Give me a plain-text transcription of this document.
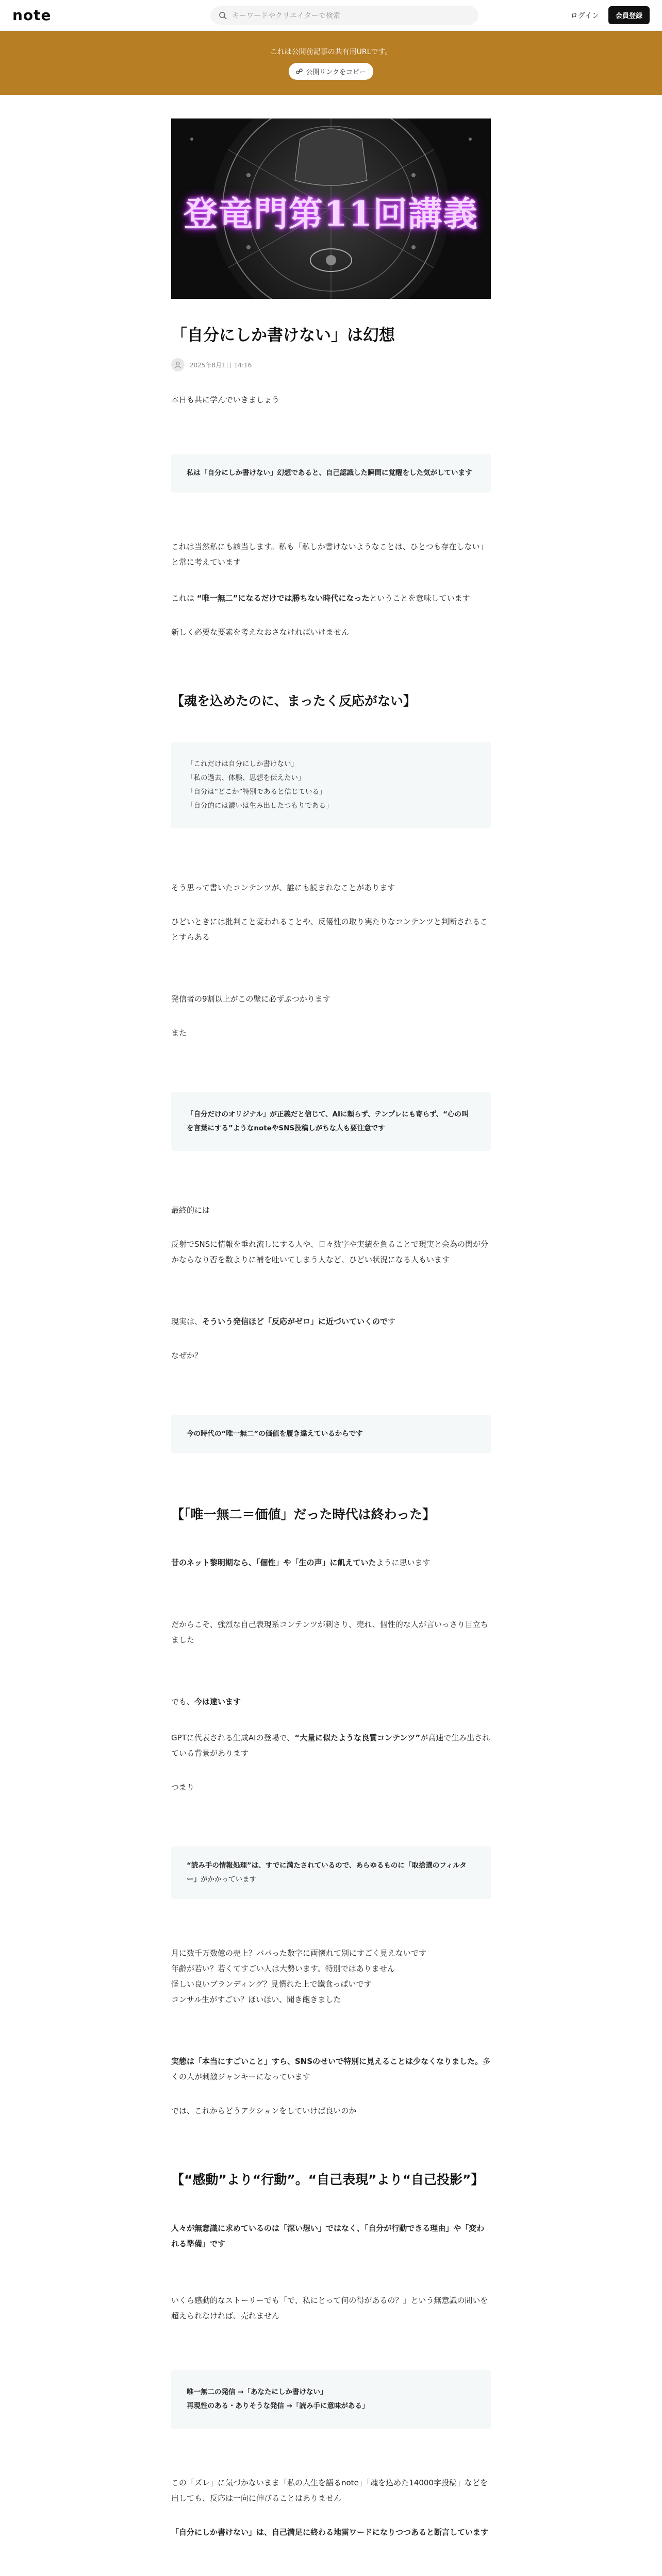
note	キーワードやクリエイターで検索	ログイン	会員登録
これは公開前記事の共有用URLです。
公開リンクをコピー
登竜門第11回講義
「自分にしか書けない」は幻想
2025年8月1日 14:16

本日も共に学んでいきましょう

私は「自分にしか書けない」幻想であると、自己認識した瞬間に覚醒をした気がしています

これは当然私にも該当します。私も「私しか書けないようなことは、ひとつも存在しない」と常に考えています

これは “唯一無二”になるだけでは勝ちない時代になったということを意味しています

新しく必要な要素を考えなおさなければいけません

【魂を込めたのに、まったく反応がない】
「これだけは自分にしか書けない」
「私の過去、体験、思想を伝えたい」
「自分は“どこか”特別であると信じている」
「自分的には濃いは生み出したつもりである」

そう思って書いたコンテンツが、誰にも読まれなことがあります

ひどいときには批判こと変われることや、反優性の取り実たりなコンテンツと判断されることすらある

発信者の9割以上がこの壁に必ずぶつかります

また

「自分だけのオリジナル」が正義だと信じて、AIに頼らず、テンプレにも寄らず、“心の叫を言葉にする”ようなnoteやSNS投稿しがちな人も要注意です

最終的には

反射でSNSに情報を垂れ流しにする人や、日々数字や実績を負ることで現実と会為の関が分かならなり否を数よりに補を吐いてしまう人など、ひどい状況になる人もいます

現実は、そういう発信ほど「反応がゼロ」に近づいていくのです

なぜか？

今の時代の“唯一無二”の価値を履き違えているからです
【「唯一無二＝価値」だった時代は終わった】

昔のネット黎明期なら、「個性」や「生の声」に飢えていたように思います

だからこそ、強烈な自己表現系コンテンツが刺さり、売れ、個性的な人が言いっさり目立ちました

でも、今は違います

GPTに代表される生成AIの登場で、“大量に似たような良質コンテンツ”が高速で生み出されている背景があります

つまり

“読み手の情報処理”は、すでに満たされているので、あらゆるものに「取捨選のフィルター」がかかっています
月に数千万数億の売上？ババった数字に両懐れて別にすごく見えないです
年齢が若い？若くてすごい人は大勢います。特別ではありません
怪しい良いブランディング？見慣れた上で鐵食っぱいです
コンサル生がすごい？ほいほい、聞き飽きました

実態は「本当にすごいこと」すら、SNSのせいで特別に見えることは少なくなりました。多くの人が刺激ジャンキーになっています

では、これからどうアクションをしていけば良いのか

【“感動”より“行動”。“自己表現”より“自己投影”】

人々が無意識に求めているのは「深い想い」ではなく、「自分が行動できる理由」や「変われる準備」です

いくら感動的なストーリーでも「で、私にとって何の得があるの？」という無意識の問いを超えられなければ、売れません

唯一無二の発信 →「あなたにしか書けない」
再現性のある・ありそうな発信 →「読み手に意味がある」

この「ズレ」に気づかないまま「私の人生を語るnote」「魂を込めた14000字投稿」などを出しても、反応は一向に伸びることはありません

「自分にしか書けない」は、自己満足に終わる地雷ワードになりつつあると断言しています
